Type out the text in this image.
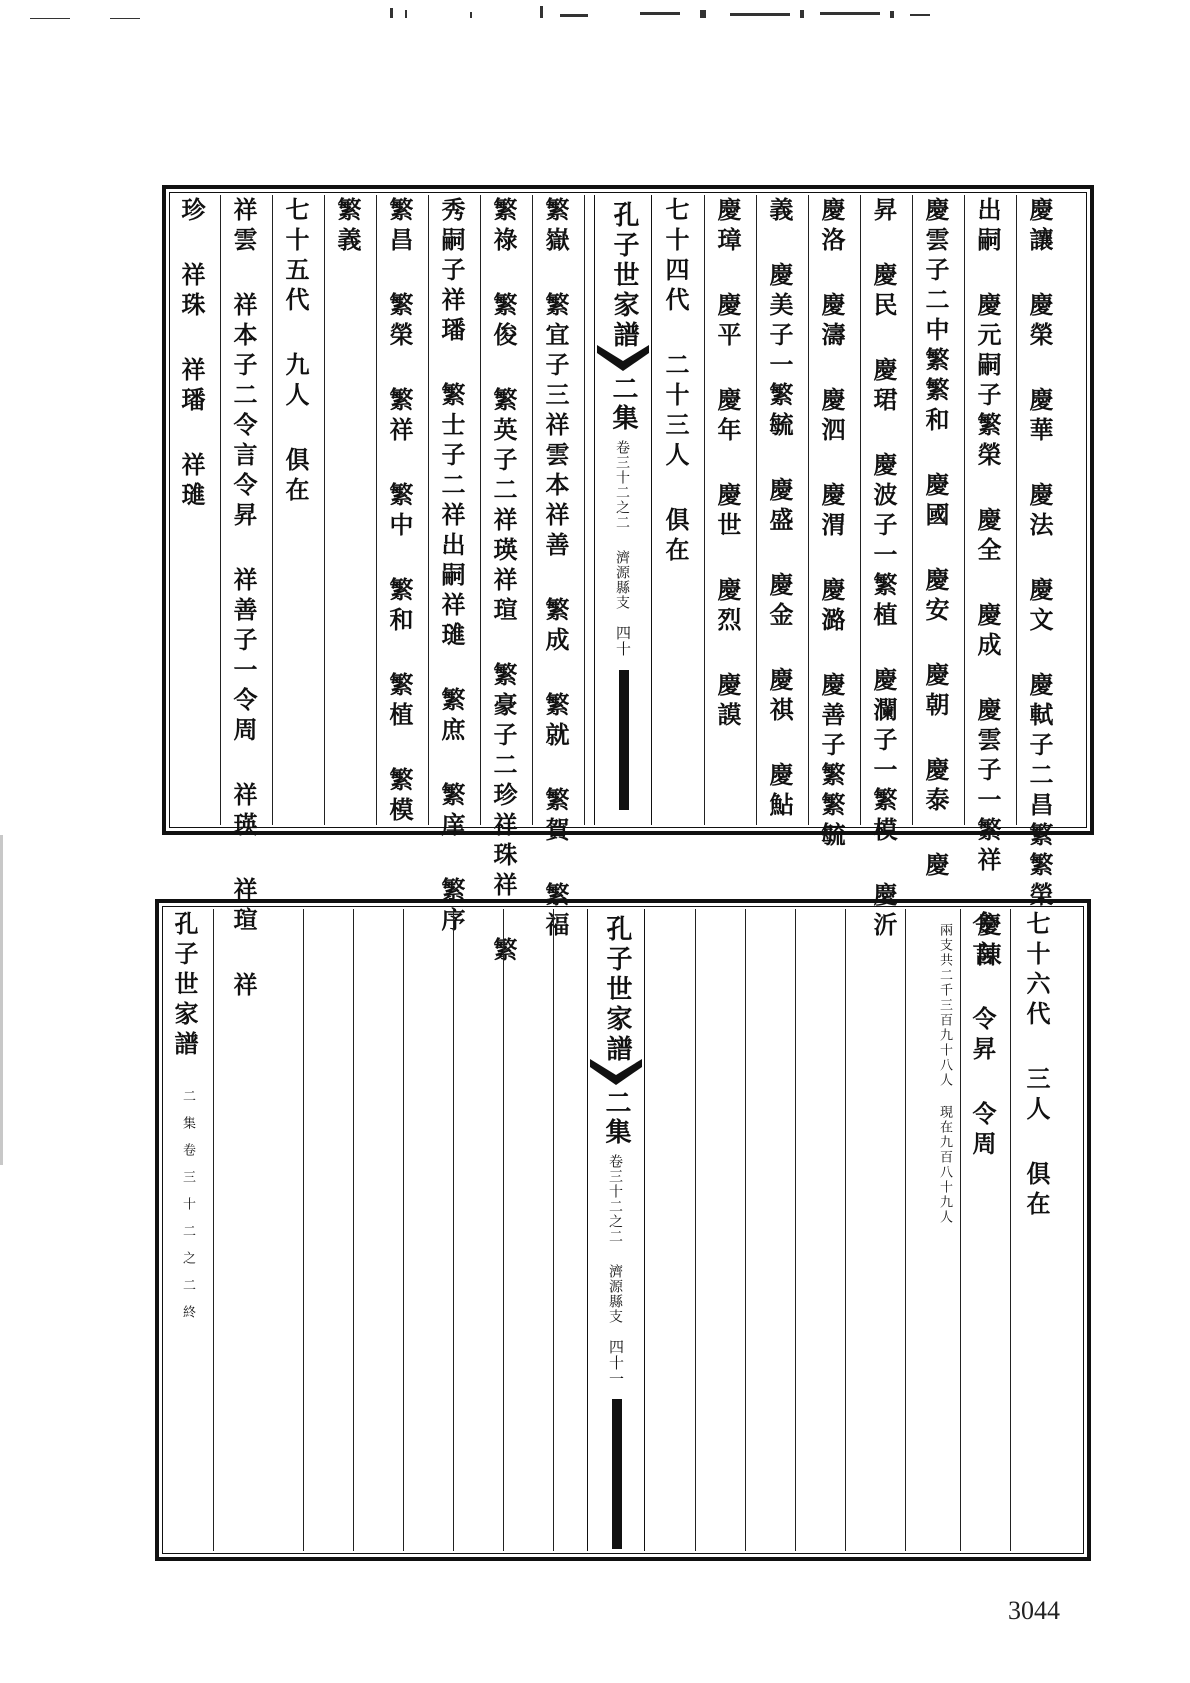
慶讓 慶榮 慶華 慶法 慶文 慶軾子二昌繁繁榮
出嗣 慶元嗣子繁榮 慶全 慶成 慶雲子一繁祥 慶陳
慶雲子二中繁繁和 慶國 慶安 慶朝 慶泰 慶
昇 慶民 慶珺 慶波子一繁植 慶瀾子一繁模 慶沂
慶洛 慶濤 慶泗 慶渭 慶潞 慶善子繁繁毓
義 慶美子一繁毓 慶盛 慶金 慶祺 慶鮎
慶璋 慶平 慶年 慶世 慶烈 慶謨
七十四代 二十三人 俱在
孔子世家譜
二集
卷三十二之二
濟源縣支
四十
繁嶽 繁宜子三祥雲本祥善 繁成 繁就 繁賀 繁福
繁祿 繁俊 繁英子二祥瑛祥瑄 繁豪子二珍祥珠祥 繁
秀嗣子祥璠 繁士子二祥出嗣祥璡 繁庶 繁庠 繁序
繁昌 繁榮 繁祥 繁中 繁和 繁植 繁模
繁義
七十五代 九人 俱在
祥雲 祥本子二令言令昇 祥善子一令周 祥瑛 祥瑄 祥
珍 祥珠 祥璠 祥璡
七十六代 三人 俱在
令言 令昇 令周
兩支共二千三百九十八人 現在九百八十九人
孔子世家譜
二集
卷三十二之二
濟源縣支
四十一
孔子世家譜
二集卷三十二之二終
3044
